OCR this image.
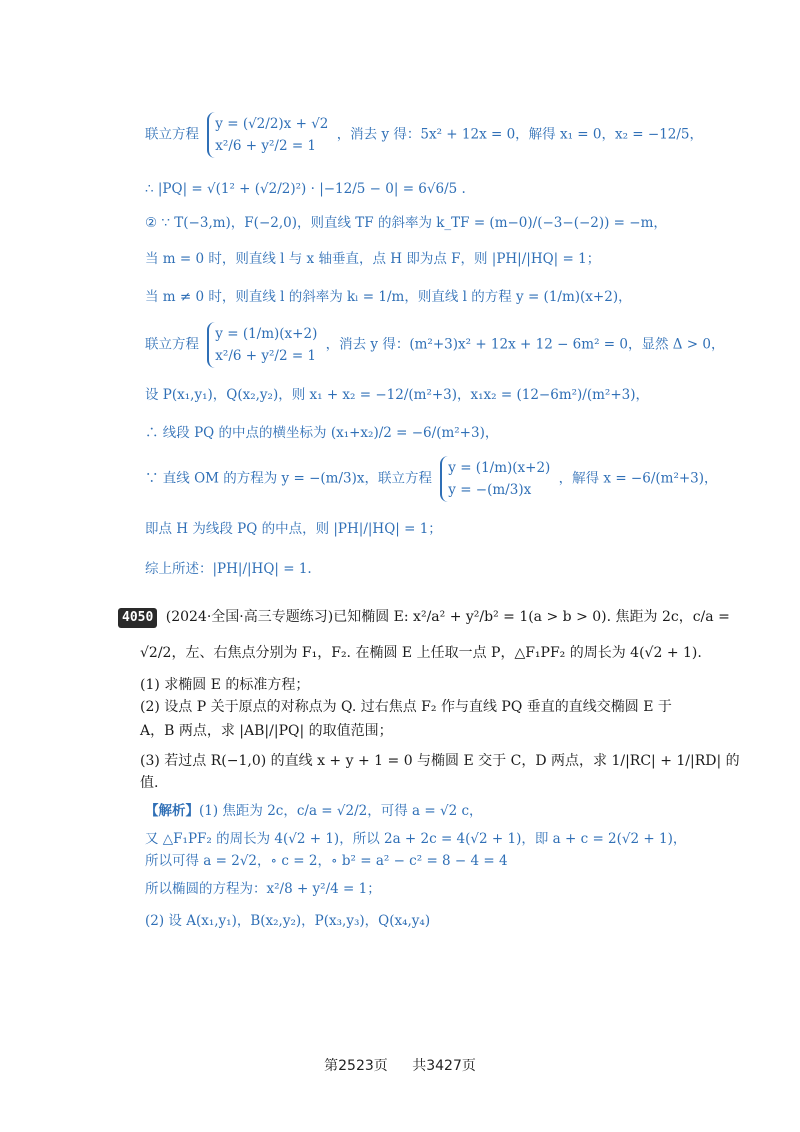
联立方程
y = (√2/2)x + √2
x²/6 + y²/2 = 1
，消去 y 得：5x² + 12x = 0，解得 x₁ = 0，x₂ = −12/5，
∴ |PQ| = √(1² + (√2/2)²) · |−12/5 − 0| = 6√6/5 .
② ∵ T(−3,m)，F(−2,0)，则直线 TF 的斜率为 k_TF = (m−0)/(−3−(−2)) = −m，
当 m = 0 时，则直线 l 与 x 轴垂直，点 H 即为点 F，则 |PH|/|HQ| = 1；
当 m ≠ 0 时，则直线 l 的斜率为 kₗ = 1/m，则直线 l 的方程 y = (1/m)(x+2)，
联立方程
y = (1/m)(x+2)
x²/6 + y²/2 = 1
，消去 y 得：(m²+3)x² + 12x + 12 − 6m² = 0，显然 Δ > 0，
设 P(x₁,y₁)，Q(x₂,y₂)，则 x₁ + x₂ = −12/(m²+3)，x₁x₂ = (12−6m²)/(m²+3)，
∴ 线段 PQ 的中点的横坐标为 (x₁+x₂)/2 = −6/(m²+3)，
∵ 直线 OM 的方程为 y = −(m/3)x，联立方程
y = (1/m)(x+2)
y = −(m/3)x
，解得 x = −6/(m²+3)，
即点 H 为线段 PQ 的中点，则 |PH|/|HQ| = 1；
综上所述：|PH|/|HQ| = 1.
4050 (2024·全国·高三专题练习)已知椭圆 E: x²/a² + y²/b² = 1(a > b > 0). 焦距为 2c，c/a =
√2/2，左、右焦点分别为 F₁，F₂. 在椭圆 E 上任取一点 P，△F₁PF₂ 的周长为 4(√2 + 1).
(1) 求椭圆 E 的标准方程；
(2) 设点 P 关于原点的对称点为 Q. 过右焦点 F₂ 作与直线 PQ 垂直的直线交椭圆 E 于
A，B 两点，求 |AB|/|PQ| 的取值范围；
(3) 若过点 R(−1,0) 的直线 x + y + 1 = 0 与椭圆 E 交于 C，D 两点，求 1/|RC| + 1/|RD| 的
值.
【解析】(1) 焦距为 2c，c/a = √2/2，可得 a = √2 c，
又 △F₁PF₂ 的周长为 4(√2 + 1)，所以 2a + 2c = 4(√2 + 1)，即 a + c = 2(√2 + 1)，
所以可得 a = 2√2，∘ c = 2，∘ b² = a² − c² = 8 − 4 = 4
所以椭圆的方程为：x²/8 + y²/4 = 1；
(2) 设 A(x₁,y₁)，B(x₂,y₂)，P(x₃,y₃)，Q(x₄,y₄)
第2523页 共3427页
